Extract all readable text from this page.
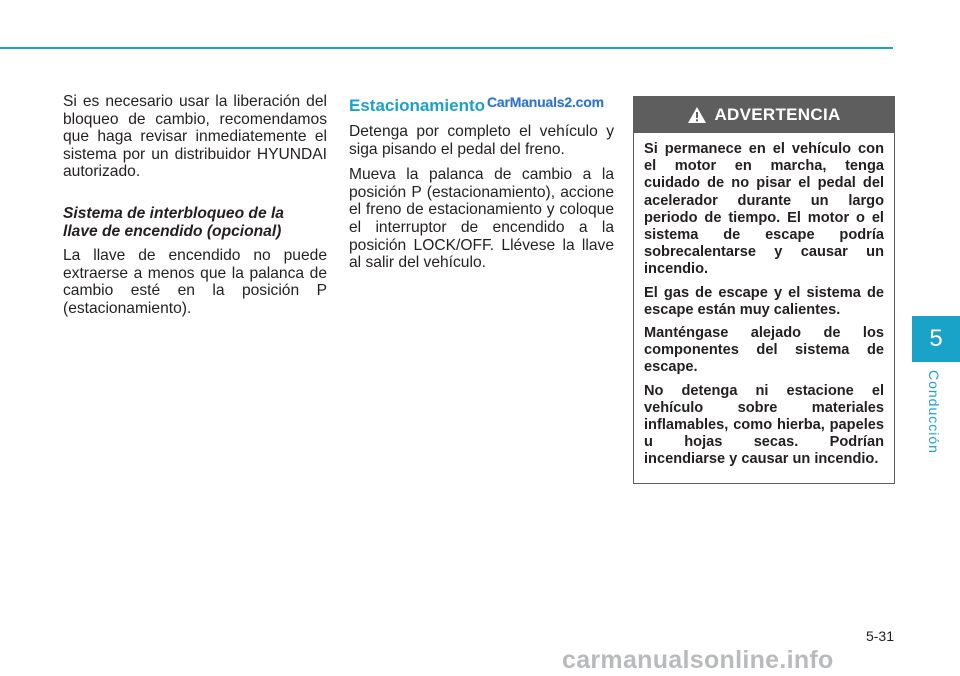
Si es necesario usar la liberación del bloqueo de cambio, recomendamos que haga revisar inmediatemente el sistema por un distribuidor HYUNDAI autorizado.

Sistema de interbloqueo de la
llave de encendido (opcional)

La llave de encendido no puede extraerse a menos que la palanca de cambio esté en la posición P (estacionamiento).

Estacionamiento

Detenga por completo el vehículo y siga pisando el pedal del freno.

Mueva la palanca de cambio a la posición P (estacionamiento), accione el freno de estacionamiento y coloque el interruptor de encendido a la posición LOCK/OFF. Llévese la llave al salir del vehículo.

CarManuals2.com
ADVERTENCIA

Si permanece en el vehículo con el motor en marcha, tenga cuidado de no pisar el pedal del acelerador durante un largo periodo de tiempo. El motor o el sistema de escape podría sobrecalentarse y causar un incendio.

El gas de escape y el sistema de escape están muy calientes.

Manténgase alejado de los componentes del sistema de escape.

No detenga ni estacione el vehículo sobre materiales inflamables, como hierba, papeles u hojas secas. Podrían incendiarse y causar un incendio.

5
Conducción
5-31
carmanualsonline.info
